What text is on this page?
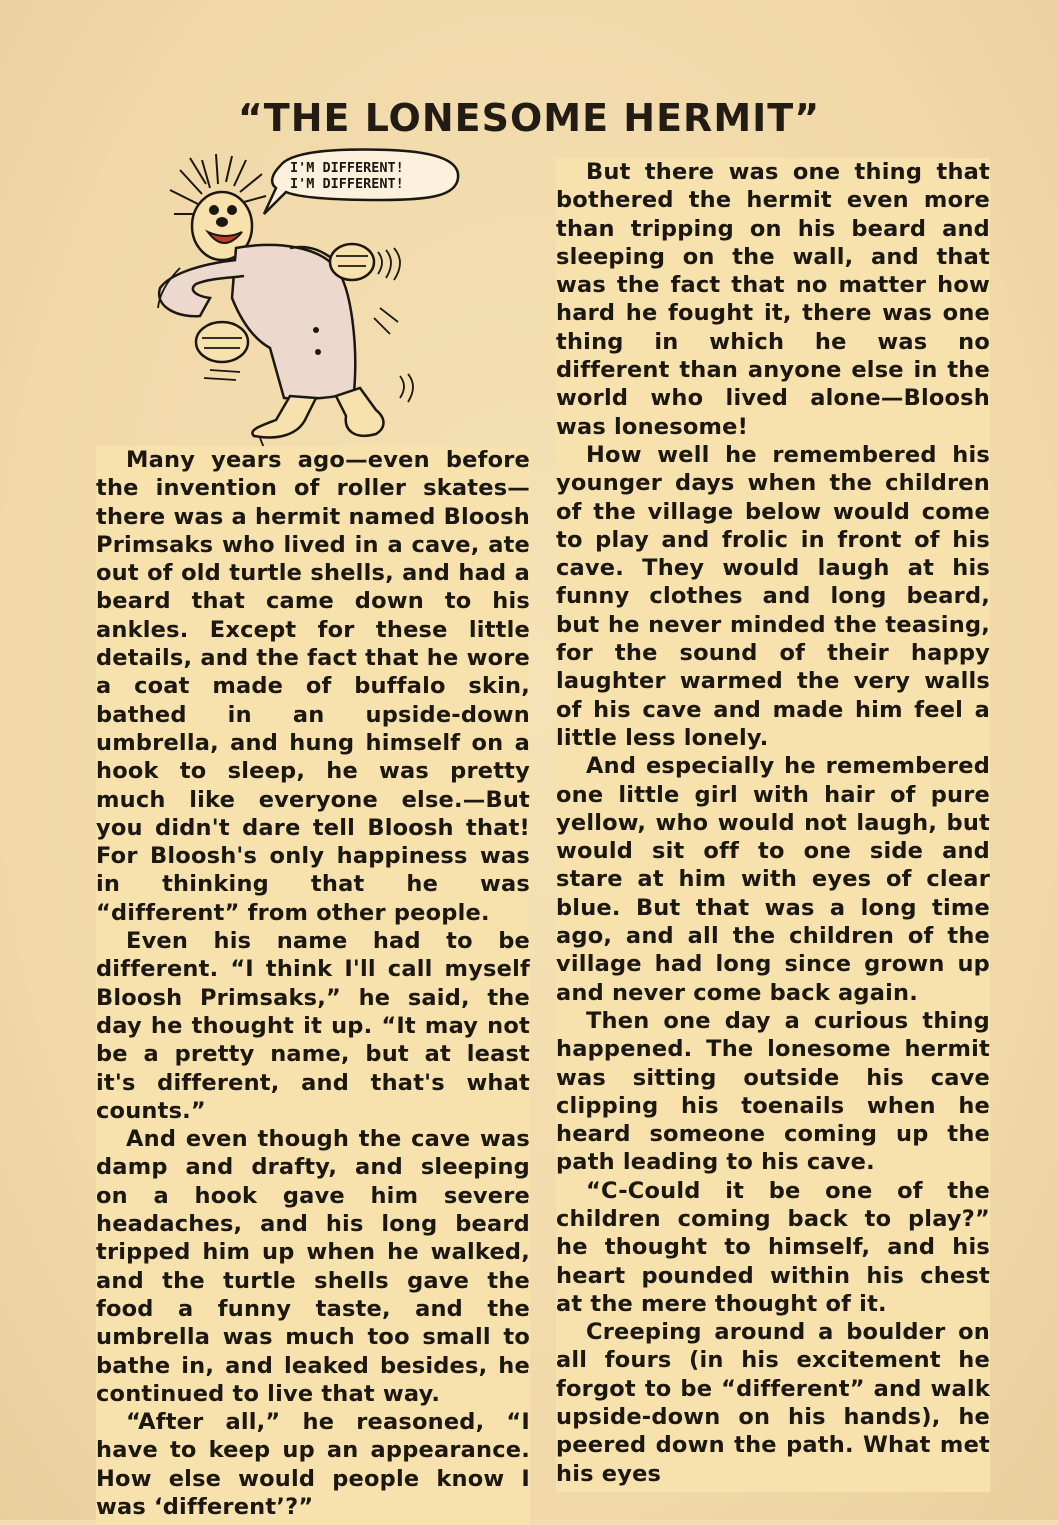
“THE LONESOME HERMIT”
I'M DIFFERENT!
I'M DIFFERENT!

Many years ago—even before the invention of roller skates—there was a hermit named Bloosh Primsaks who lived in a cave, ate out of old turtle shells, and had a beard that came down to his ankles. Except for these little details, and the fact that he wore a coat made of buffalo skin, bathed in an upside-down umbrella, and hung himself on a hook to sleep, he was pretty much like everyone else.—But you didn't dare tell Bloosh that! For Bloosh's only happiness was in thinking that he was “different” from other people.

Even his name had to be different. “I think I'll call myself Bloosh Primsaks,” he said, the day he thought it up. “It may not be a pretty name, but at least it's different, and that's what counts.”

And even though the cave was damp and drafty, and sleeping on a hook gave him severe headaches, and his long beard tripped him up when he walked, and the turtle shells gave the food a funny taste, and the umbrella was much too small to bathe in, and leaked besides, he continued to live that way.

“After all,” he reasoned, “I have to keep up an appearance. How else would people know I was ‘different’?”

But there was one thing that bothered the hermit even more than tripping on his beard and sleeping on the wall, and that was the fact that no matter how hard he fought it, there was one thing in which he was no different than anyone else in the world who lived alone—Bloosh was lonesome!

How well he remembered his younger days when the children of the village below would come to play and frolic in front of his cave. They would laugh at his funny clothes and long beard, but he never minded the teasing, for the sound of their happy laughter warmed the very walls of his cave and made him feel a little less lonely.

And especially he remembered one little girl with hair of pure yellow, who would not laugh, but would sit off to one side and stare at him with eyes of clear blue. But that was a long time ago, and all the children of the village had long since grown up and never come back again.

Then one day a curious thing happened. The lonesome hermit was sitting outside his cave clipping his toenails when he heard someone coming up the path leading to his cave.

“C-Could it be one of the children coming back to play?” he thought to himself, and his heart pounded within his chest at the mere thought of it.

Creeping around a boulder on all fours (in his excitement he forgot to be “different” and walk upside-down on his hands), he peered down the path. What met his eyes
